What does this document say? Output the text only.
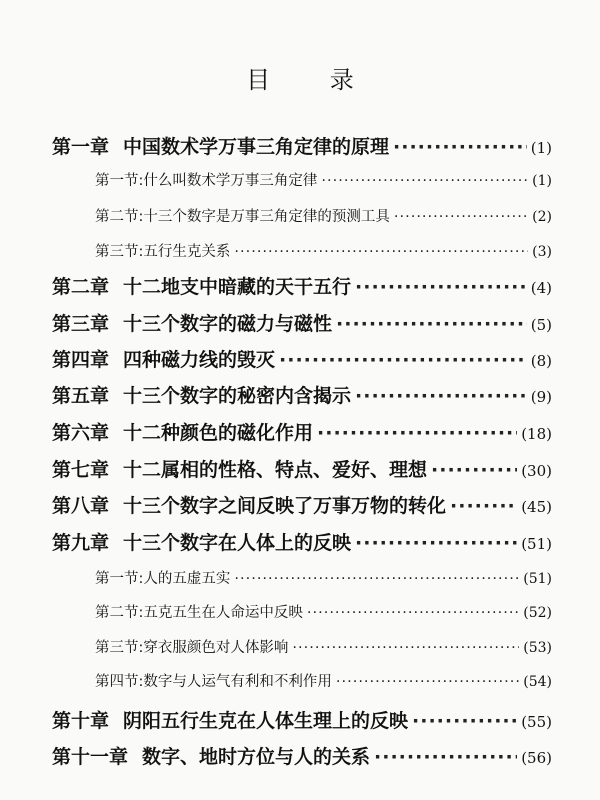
目 录
第一章 中国数术学万事三角定律的原理 ·····	(1)
第一节: 什么叫数术学万事三角定律 ·····	(1)
第二节: 十三个数字是万事三角定律的预测工具 ·····	(2)
第三节: 五行生克关系 ·····	(3)
第二章 十二地支中暗藏的天干五行 ·····	(4)
第三章 十三个数字的磁力与磁性 ·····	(5)
第四章 四种磁力线的毁灭 ·····	(8)
第五章 十三个数字的秘密内含揭示 ·····	(9)
第六章 十二种颜色的磁化作用 ·····	(18)
第七章 十二属相的性格、特点、爱好、理想 ·····	(30)
第八章 十三个数字之间反映了万事万物的转化 ·····	(45)
第九章 十三个数字在人体上的反映 ·····	(51)
第一节: 人的五虚五实 ·····	(51)
第二节: 五克五生在人命运中反映 ·····	(52)
第三节: 穿衣服颜色对人体影响 ·····	(53)
第四节: 数字与人运气有利和不利作用 ·····	(54)
第十章 阴阳五行生克在人体生理上的反映 ·····	(55)
第十一章 数字、地时方位与人的关系 ·····	(56)
